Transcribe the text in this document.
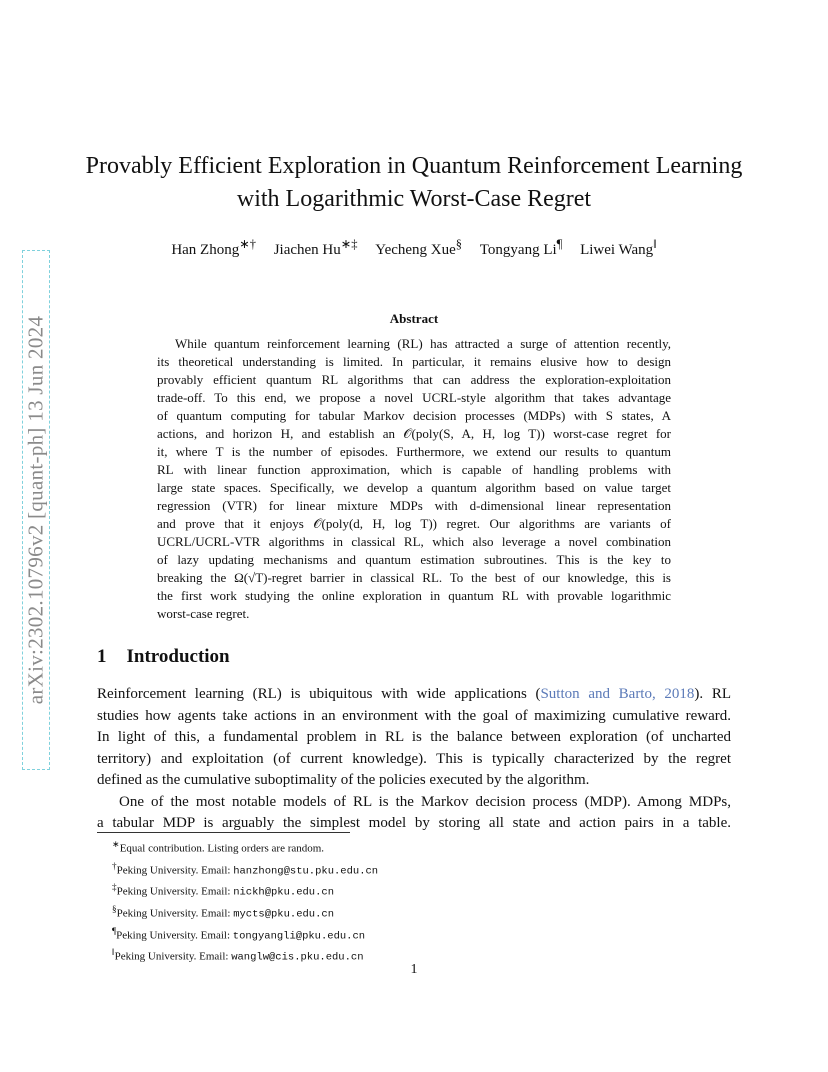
arXiv:2302.10796v2 [quant-ph] 13 Jun 2024
Provably Efficient Exploration in Quantum Reinforcement Learning
with Logarithmic Worst-Case Regret
Han Zhong∗† Jiachen Hu∗‡ Yecheng Xue§ Tongyang Li¶ Liwei Wang‖
Abstract
While quantum reinforcement learning (RL) has attracted a surge of attention recently,
its theoretical understanding is limited. In particular, it remains elusive how to design
provably efficient quantum RL algorithms that can address the exploration-exploitation
trade-off. To this end, we propose a novel UCRL-style algorithm that takes advantage
of quantum computing for tabular Markov decision processes (MDPs) with S states, A
actions, and horizon H, and establish an 𝒪(poly(S, A, H, log T)) worst-case regret for
it, where T is the number of episodes. Furthermore, we extend our results to quantum
RL with linear function approximation, which is capable of handling problems with
large state spaces. Specifically, we develop a quantum algorithm based on value target
regression (VTR) for linear mixture MDPs with d-dimensional linear representation
and prove that it enjoys 𝒪(poly(d, H, log T)) regret. Our algorithms are variants of
UCRL/UCRL-VTR algorithms in classical RL, which also leverage a novel combination
of lazy updating mechanisms and quantum estimation subroutines. This is the key to
breaking the Ω(√T)-regret barrier in classical RL. To the best of our knowledge, this is
the first work studying the online exploration in quantum RL with provable logarithmic
worst-case regret.
1 Introduction
Reinforcement learning (RL) is ubiquitous with wide applications (Sutton and Barto, 2018). RL
studies how agents take actions in an environment with the goal of maximizing cumulative reward.
In light of this, a fundamental problem in RL is the balance between exploration (of uncharted
territory) and exploitation (of current knowledge). This is typically characterized by the regret
defined as the cumulative suboptimality of the policies executed by the algorithm.
One of the most notable models of RL is the Markov decision process (MDP). Among MDPs,
a tabular MDP is arguably the simplest model by storing all state and action pairs in a table.
∗Equal contribution. Listing orders are random.
†Peking University. Email: hanzhong@stu.pku.edu.cn
‡Peking University. Email: nickh@pku.edu.cn
§Peking University. Email: mycts@pku.edu.cn
¶Peking University. Email: tongyangli@pku.edu.cn
‖Peking University. Email: wanglw@cis.pku.edu.cn
1
